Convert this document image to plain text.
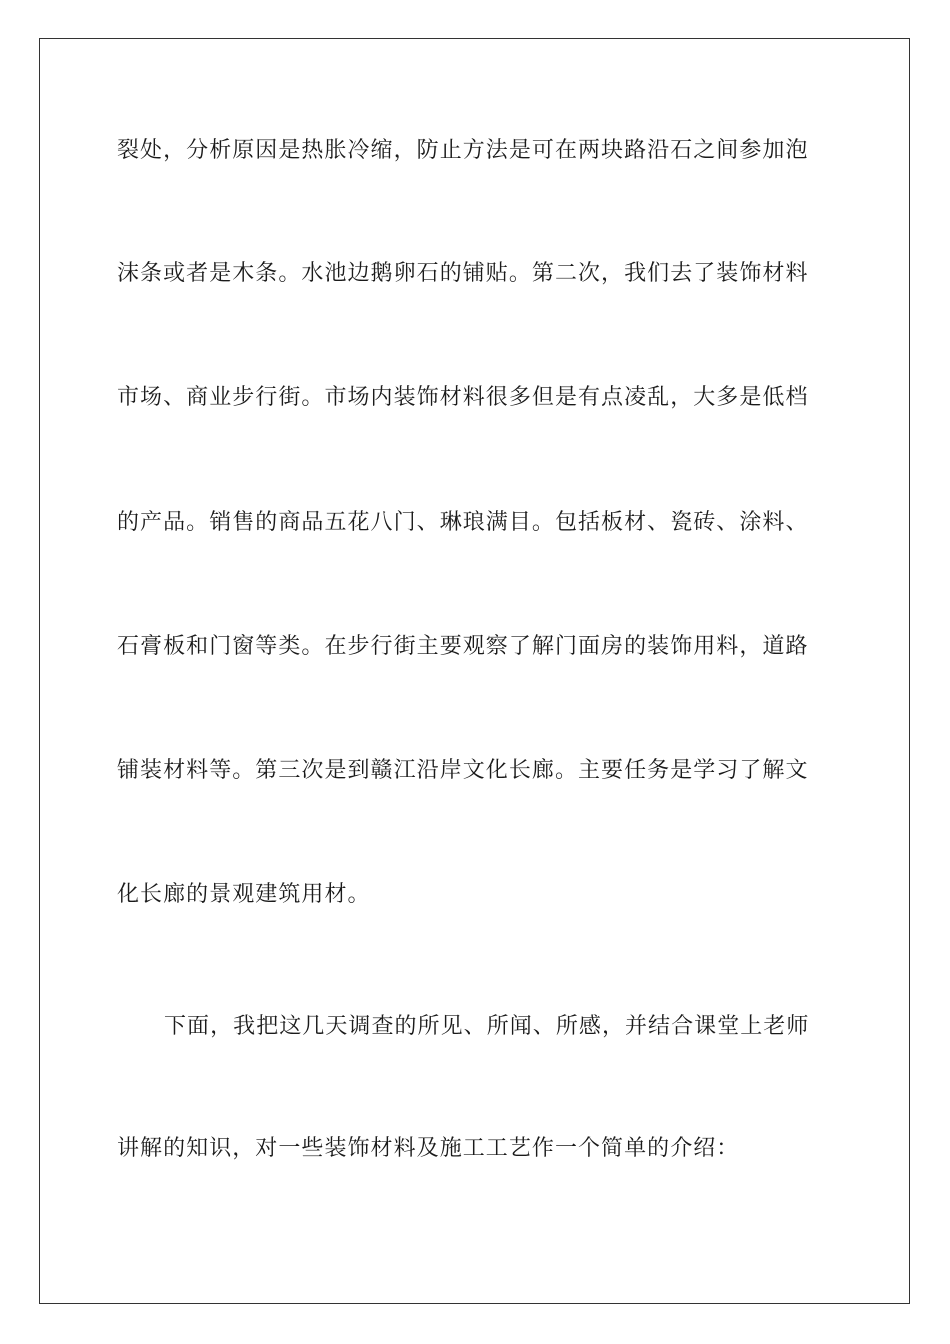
裂处，分析原因是热胀冷缩，防止方法是可在两块路沿石之间参加泡
沫条或者是木条。水池边鹅卵石的铺贴。第二次，我们去了装饰材料
市场、商业步行街。市场内装饰材料很多但是有点凌乱，大多是低档
的产品。销售的商品五花八门、琳琅满目。包括板材、瓷砖、涂料、
石膏板和门窗等类。在步行街主要观察了解门面房的装饰用料，道路
铺装材料等。第三次是到赣江沿岸文化长廊。主要任务是学习了解文
化长廊的景观建筑用材。
下面，我把这几天调查的所见、所闻、所感，并结合课堂上老师
讲解的知识，对一些装饰材料及施工工艺作一个简单的介绍：
